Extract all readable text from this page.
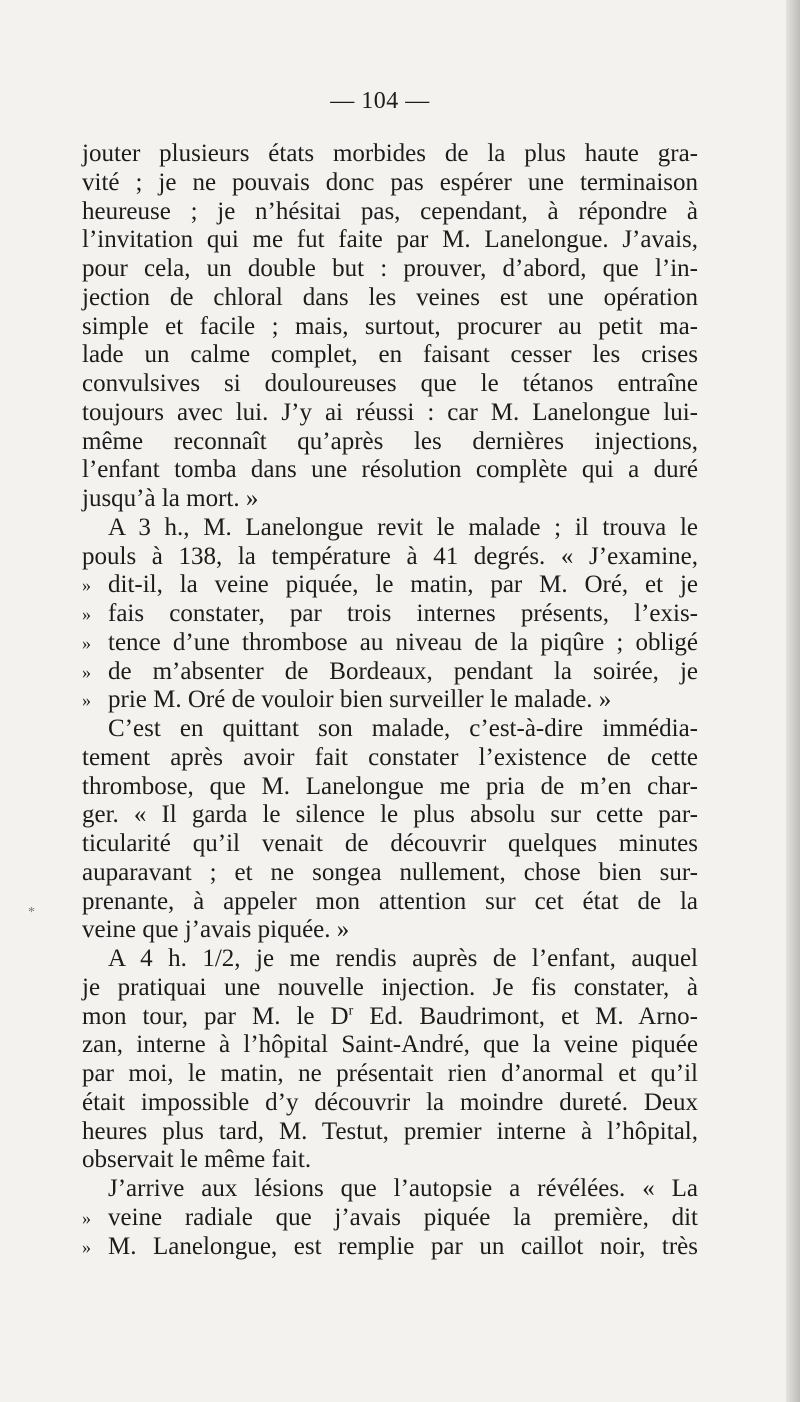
— 104 —
*
jouter plusieurs états morbides de la plus haute gra-
vité ; je ne pouvais donc pas espérer une terminaison
heureuse ; je n’hésitai pas, cependant, à répondre à
l’invitation qui me fut faite par M. Lanelongue. J’avais,
pour cela, un double but : prouver, d’abord, que l’in-
jection de chloral dans les veines est une opération
simple et facile ; mais, surtout, procurer au petit ma-
lade un calme complet, en faisant cesser les crises
convulsives si douloureuses que le tétanos entraîne
toujours avec lui. J’y ai réussi : car M. Lanelongue lui-
même reconnaît qu’après les dernières injections,
l’enfant tomba dans une résolution complète qui a duré
jusqu’à la mort. »
A 3 h., M. Lanelongue revit le malade ; il trouva le
pouls à 138, la température à 41 degrés. « J’examine,
» dit-il, la veine piquée, le matin, par M. Oré, et je
» fais constater, par trois internes présents, l’exis-
» tence d’une thrombose au niveau de la piqûre ; obligé
» de m’absenter de Bordeaux, pendant la soirée, je
» prie M. Oré de vouloir bien surveiller le malade. »
C’est en quittant son malade, c’est-à-dire immédia-
tement après avoir fait constater l’existence de cette
thrombose, que M. Lanelongue me pria de m’en char-
ger. « Il garda le silence le plus absolu sur cette par-
ticularité qu’il venait de découvrir quelques minutes
auparavant ; et ne songea nullement, chose bien sur-
prenante, à appeler mon attention sur cet état de la
veine que j’avais piquée. »
A 4 h. 1/2, je me rendis auprès de l’enfant, auquel
je pratiquai une nouvelle injection. Je fis constater, à
mon tour, par M. le $D^r$ Ed. Baudrimont, et M. Arno-
zan, interne à l’hôpital Saint-André, que la veine piquée
par moi, le matin, ne présentait rien d’anormal et qu’il
était impossible d’y découvrir la moindre dureté. Deux
heures plus tard, M. Testut, premier interne à l’hôpital,
observait le même fait.
J’arrive aux lésions que l’autopsie a révélées. « La
» veine radiale que j’avais piquée la première, dit
» M. Lanelongue, est remplie par un caillot noir, très
